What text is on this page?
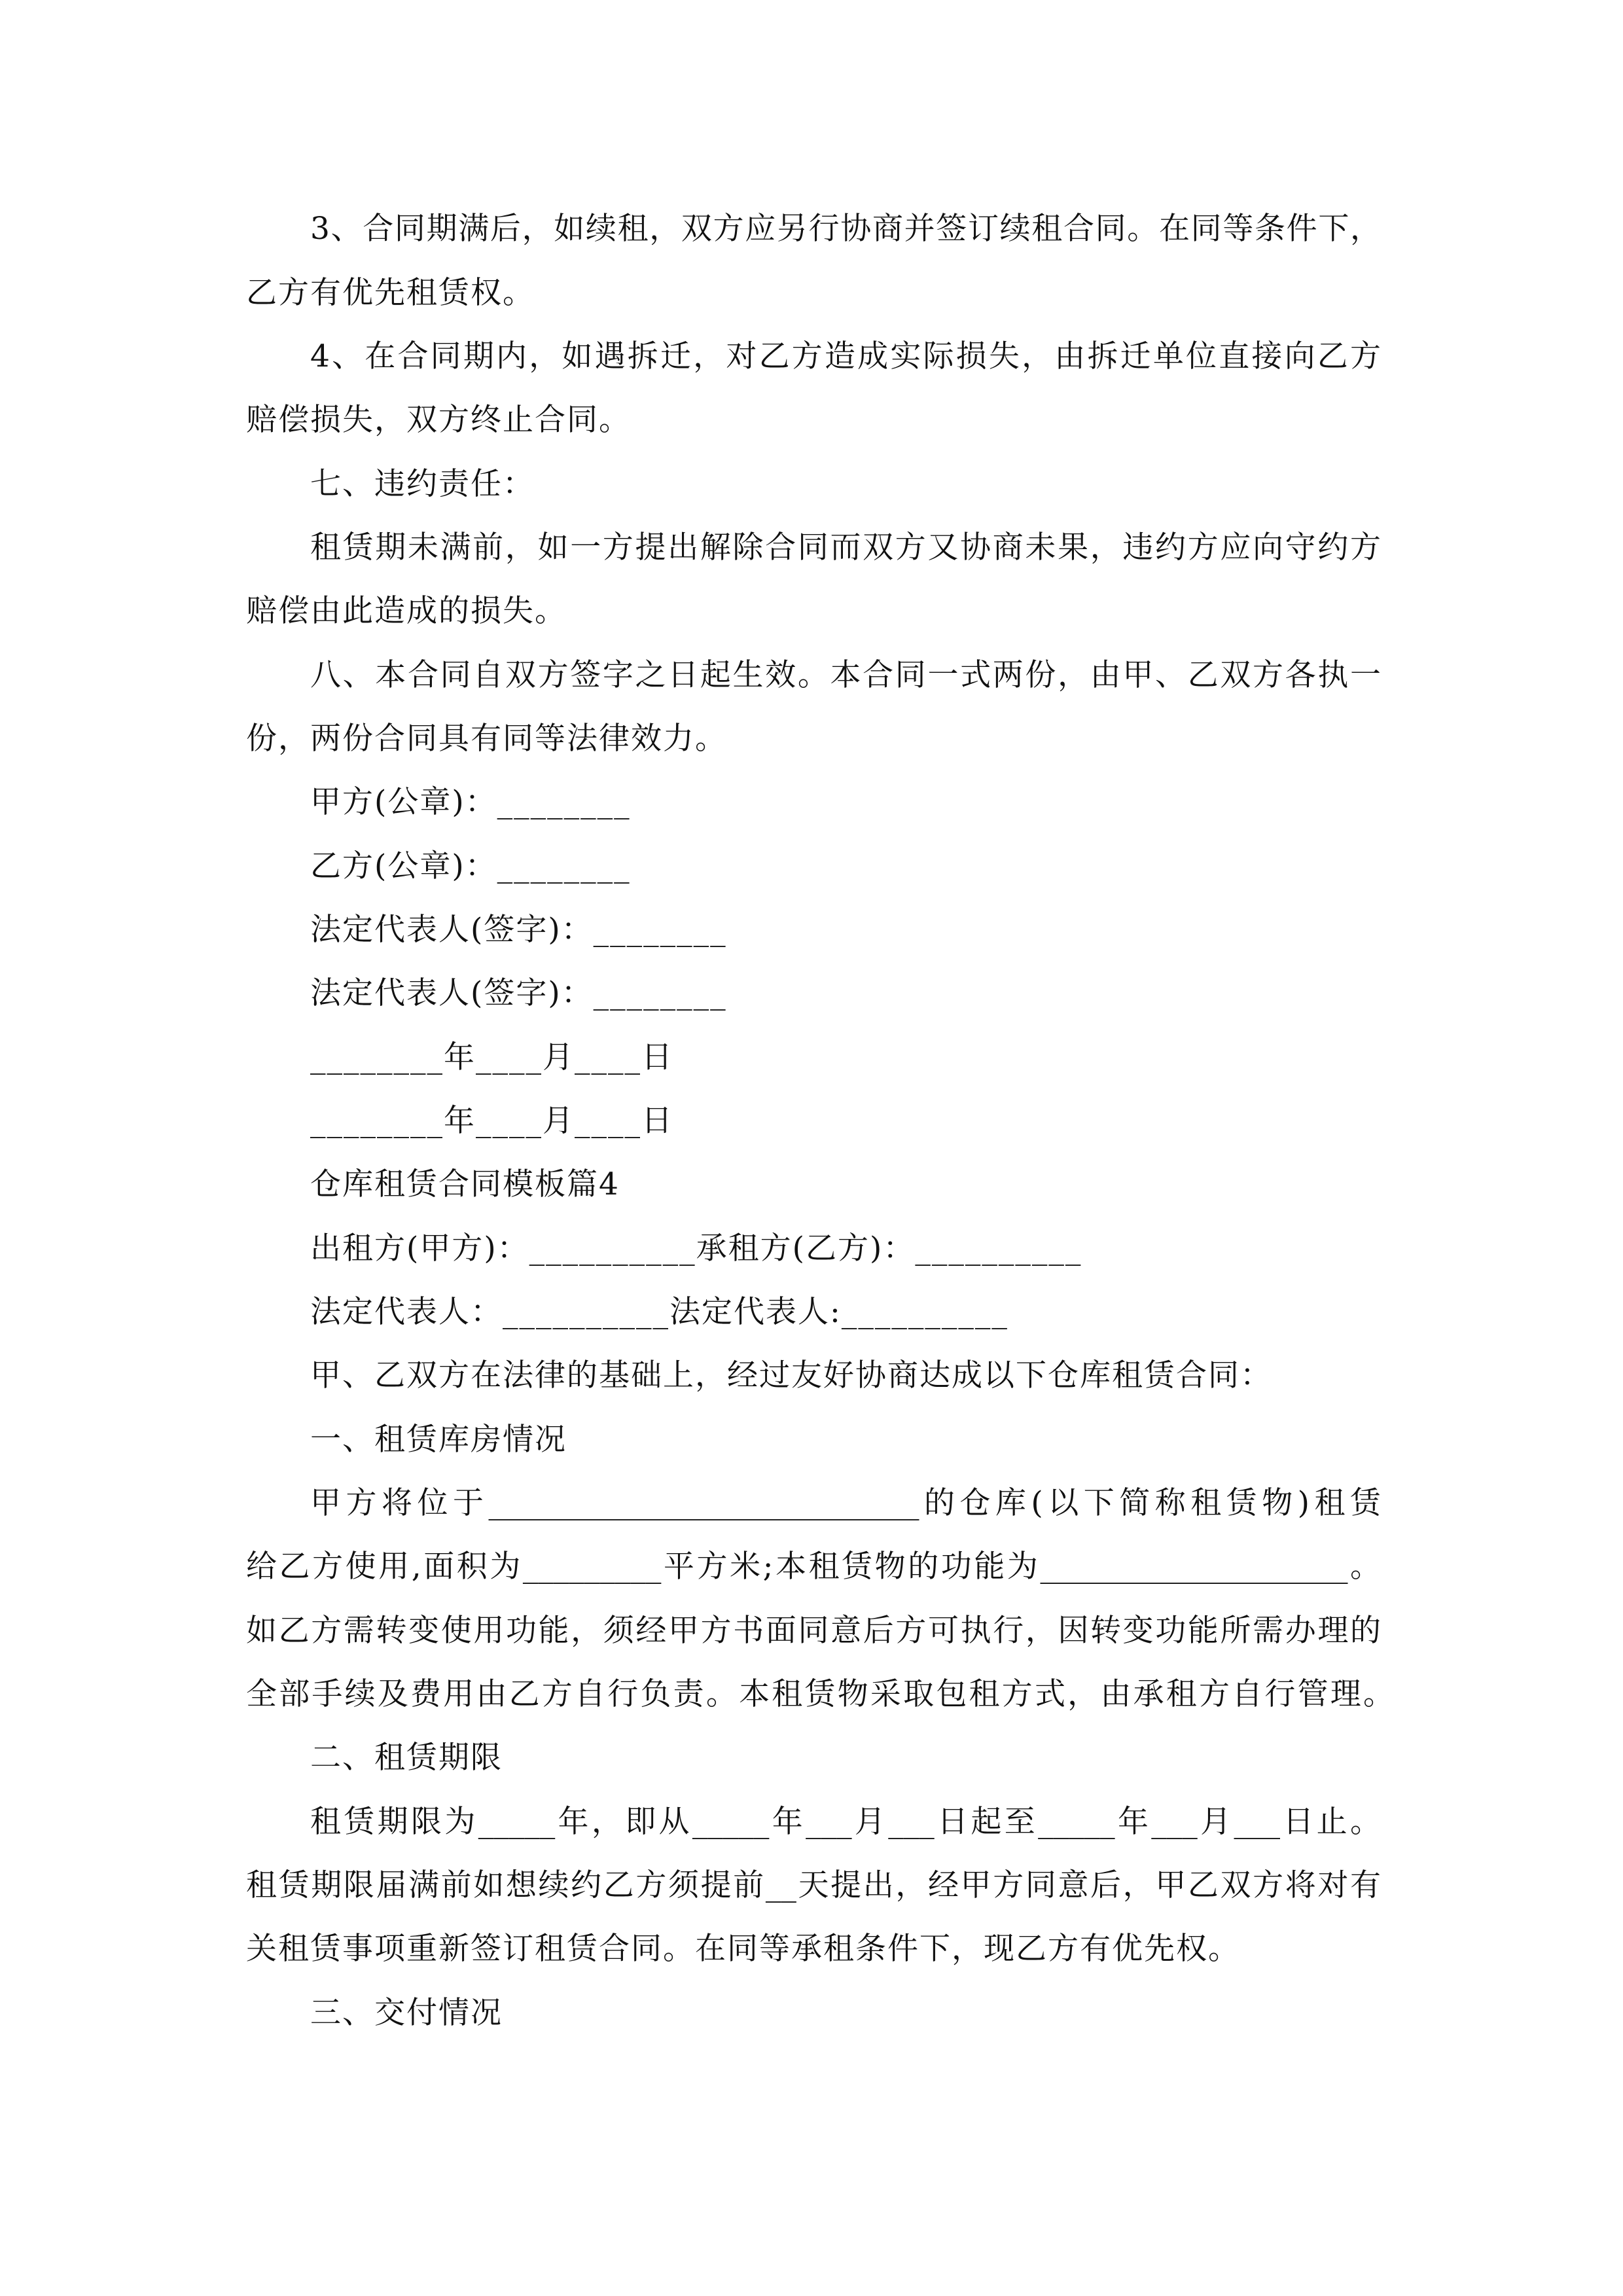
3、合同期满后，如续租，双方应另行协商并签订续租合同。在同等条件下，
乙方有优先租赁权。
4、在合同期内，如遇拆迁，对乙方造成实际损失，由拆迁单位直接向乙方
赔偿损失，双方终止合同。
七、违约责任：
租赁期未满前，如一方提出解除合同而双方又协商未果，违约方应向守约方
赔偿由此造成的损失。
八、本合同自双方签字之日起生效。本合同一式两份，由甲、乙双方各执一
份，两份合同具有同等法律效力。
甲方(公章)：________
乙方(公章)：________
法定代表人(签字)：________
法定代表人(签字)：________
________年____月____日
________年____月____日
仓库租赁合同模板篇4
出租方(甲方)：__________承租方(乙方)：__________
法定代表人：__________法定代表人:__________
甲、乙双方在法律的基础上，经过友好协商达成以下仓库租赁合同：
一、租赁库房情况
甲方将位于____________________________的仓库(以下简称租赁物)租赁
给乙方使用,面积为_________平方米;本租赁物的功能为____________________。
如乙方需转变使用功能，须经甲方书面同意后方可执行，因转变功能所需办理的
全部手续及费用由乙方自行负责。本租赁物采取包租方式，由承租方自行管理。
二、租赁期限
租赁期限为_____年，即从_____年___月___日起至_____年___月___日止。
租赁期限届满前如想续约乙方须提前__天提出，经甲方同意后，甲乙双方将对有
关租赁事项重新签订租赁合同。在同等承租条件下，现乙方有优先权。
三、交付情况
